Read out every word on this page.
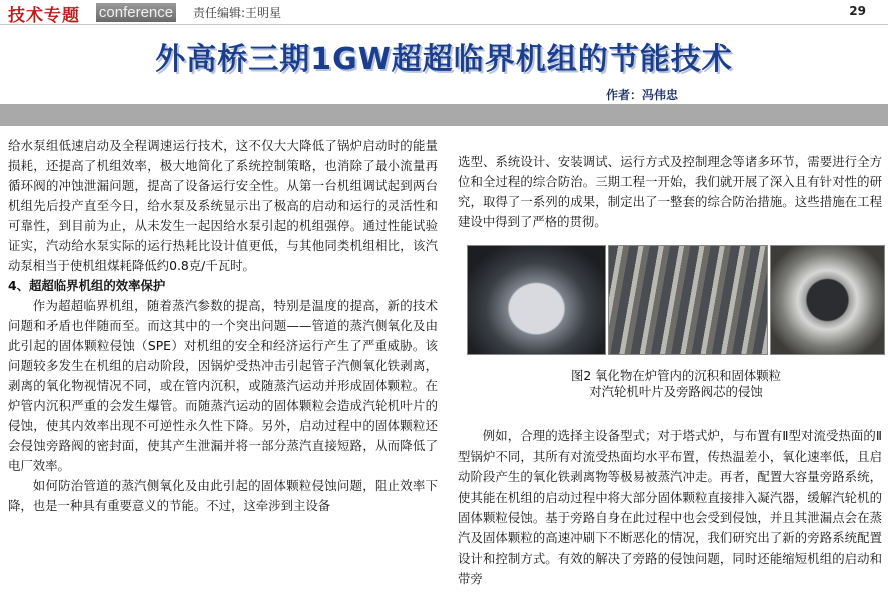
技术专题 conference 责任编辑:王明星	29
外高桥三期1GW超超临界机组的节能技术
作者：冯伟忠

给水泵组低速启动及全程调速运行技术，这不仅大大降低了锅炉启动时的能量损耗，还提高了机组效率，极大地简化了系统控制策略，也消除了最小流量再循环阀的冲蚀泄漏问题，提高了设备运行安全性。从第一台机组调试起到两台机组先后投产直至今日，给水泵及系统显示出了极高的启动和运行的灵活性和可靠性，到目前为止，从未发生一起因给水泵引起的机组强停。通过性能试验证实，汽动给水泵实际的运行热耗比设计值更低，与其他同类机组相比，该汽动泵相当于使机组煤耗降低约0.8克/千瓦时。

4、超超临界机组的效率保护

作为超超临界机组，随着蒸汽参数的提高，特别是温度的提高，新的技术问题和矛盾也伴随而至。而这其中的一个突出问题——管道的蒸汽侧氧化及由此引起的固体颗粒侵蚀（SPE）对机组的安全和经济运行产生了严重威胁。该问题较多发生在机组的启动阶段，因锅炉受热冲击引起管子汽侧氧化铁剥离，剥离的氧化物视情况不同，或在管内沉积，或随蒸汽运动并形成固体颗粒。在炉管内沉积严重的会发生爆管。而随蒸汽运动的固体颗粒会造成汽轮机叶片的侵蚀，使其内效率出现不可逆性永久性下降。另外，启动过程中的固体颗粒还会侵蚀旁路阀的密封面，使其产生泄漏并将一部分蒸汽直接短路，从而降低了电厂效率。

如何防治管道的蒸汽侧氧化及由此引起的固体颗粒侵蚀问题，阻止效率下降，也是一种具有重要意义的节能。不过，这牵涉到主设备

选型、系统设计、安装调试、运行方式及控制理念等诸多环节，需要进行全方位和全过程的综合防治。三期工程一开始，我们就开展了深入且有针对性的研究，取得了一系列的成果，制定出了一整套的综合防治措施。这些措施在工程建设中得到了严格的贯彻。

图2 氧化物在炉管内的沉积和固体颗粒
对汽轮机叶片及旁路阀芯的侵蚀

例如，合理的选择主设备型式；对于塔式炉，与布置有Ⅱ型对流受热面的Ⅱ型锅炉不同，其所有对流受热面均水平布置，传热温差小，氧化速率低，且启动阶段产生的氧化铁剥离物等极易被蒸汽冲走。再者，配置大容量旁路系统，使其能在机组的启动过程中将大部分固体颗粒直接排入凝汽器，缓解汽轮机的固体颗粒侵蚀。基于旁路自身在此过程中也会受到侵蚀，并且其泄漏点会在蒸汽及固体颗粒的高速冲刷下不断恶化的情况，我们研究出了新的旁路系统配置设计和控制方式。有效的解决了旁路的侵蚀问题，同时还能缩短机组的启动和带旁
